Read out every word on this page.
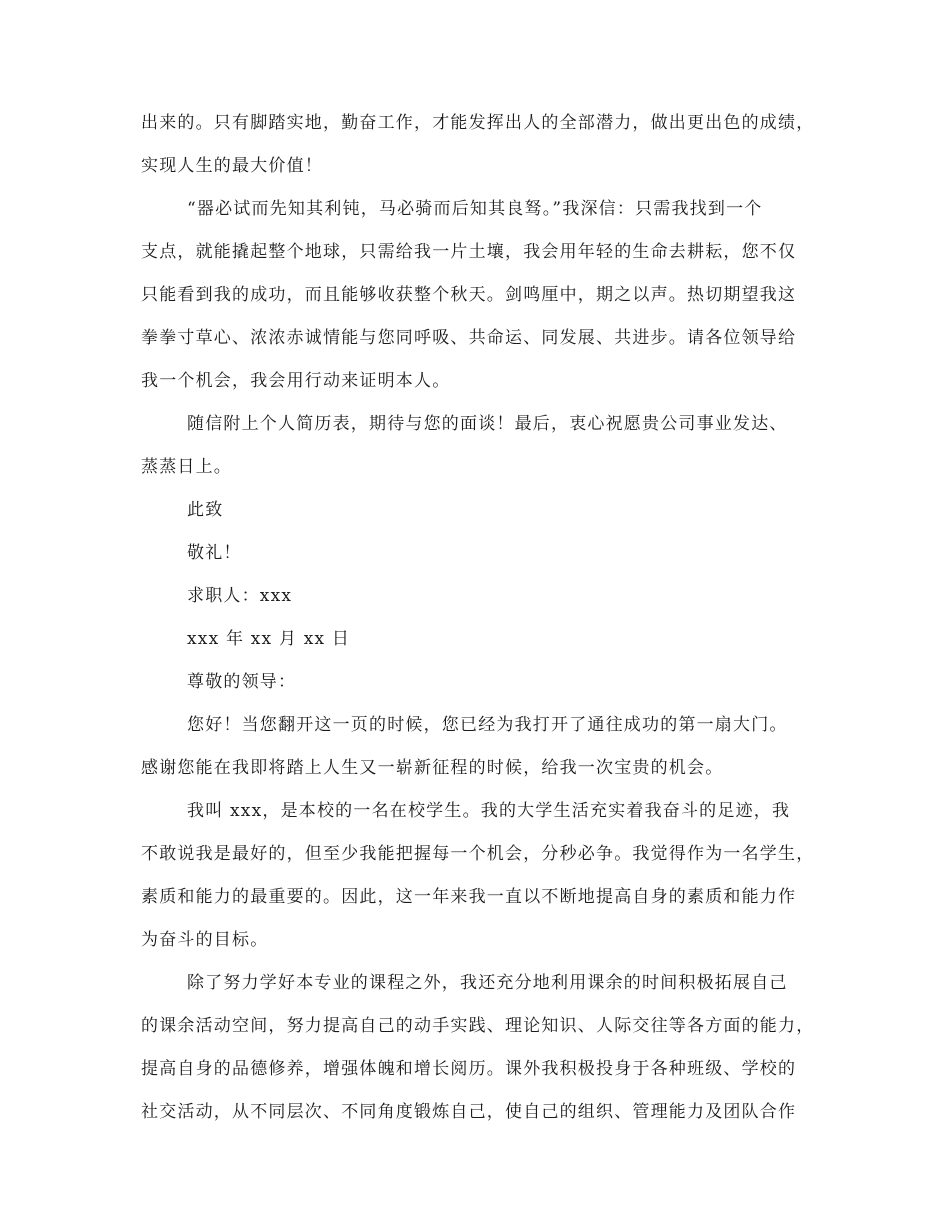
出来的。只有脚踏实地，勤奋工作，才能发挥出人的全部潜力，做出更出色的成绩，
实现人生的最大价值！
“器必试而先知其利钝，马必骑而后知其良驽。”我深信：只需我找到一个
支点，就能撬起整个地球，只需给我一片土壤，我会用年轻的生命去耕耘，您不仅
只能看到我的成功，而且能够收获整个秋天。剑鸣厘中，期之以声。热切期望我这
拳拳寸草心、浓浓赤诚情能与您同呼吸、共命运、同发展、共进步。请各位领导给
我一个机会，我会用行动来证明本人。
随信附上个人简历表，期待与您的面谈！最后，衷心祝愿贵公司事业发达、
蒸蒸日上。
此致
敬礼！
求职人：xxx
xxx 年 xx 月 xx 日
尊敬的领导：
您好！当您翻开这一页的时候，您已经为我打开了通往成功的第一扇大门。
感谢您能在我即将踏上人生又一崭新征程的时候，给我一次宝贵的机会。
我叫 xxx，是本校的一名在校学生。我的大学生活充实着我奋斗的足迹，我
不敢说我是最好的，但至少我能把握每一个机会，分秒必争。我觉得作为一名学生，
素质和能力的最重要的。因此，这一年来我一直以不断地提高自身的素质和能力作
为奋斗的目标。
除了努力学好本专业的课程之外，我还充分地利用课余的时间积极拓展自己
的课余活动空间，努力提高自己的动手实践、理论知识、人际交往等各方面的能力，
提高自身的品德修养，增强体魄和增长阅历。课外我积极投身于各种班级、学校的
社交活动，从不同层次、不同角度锻炼自己，使自己的组织、管理能力及团队合作
